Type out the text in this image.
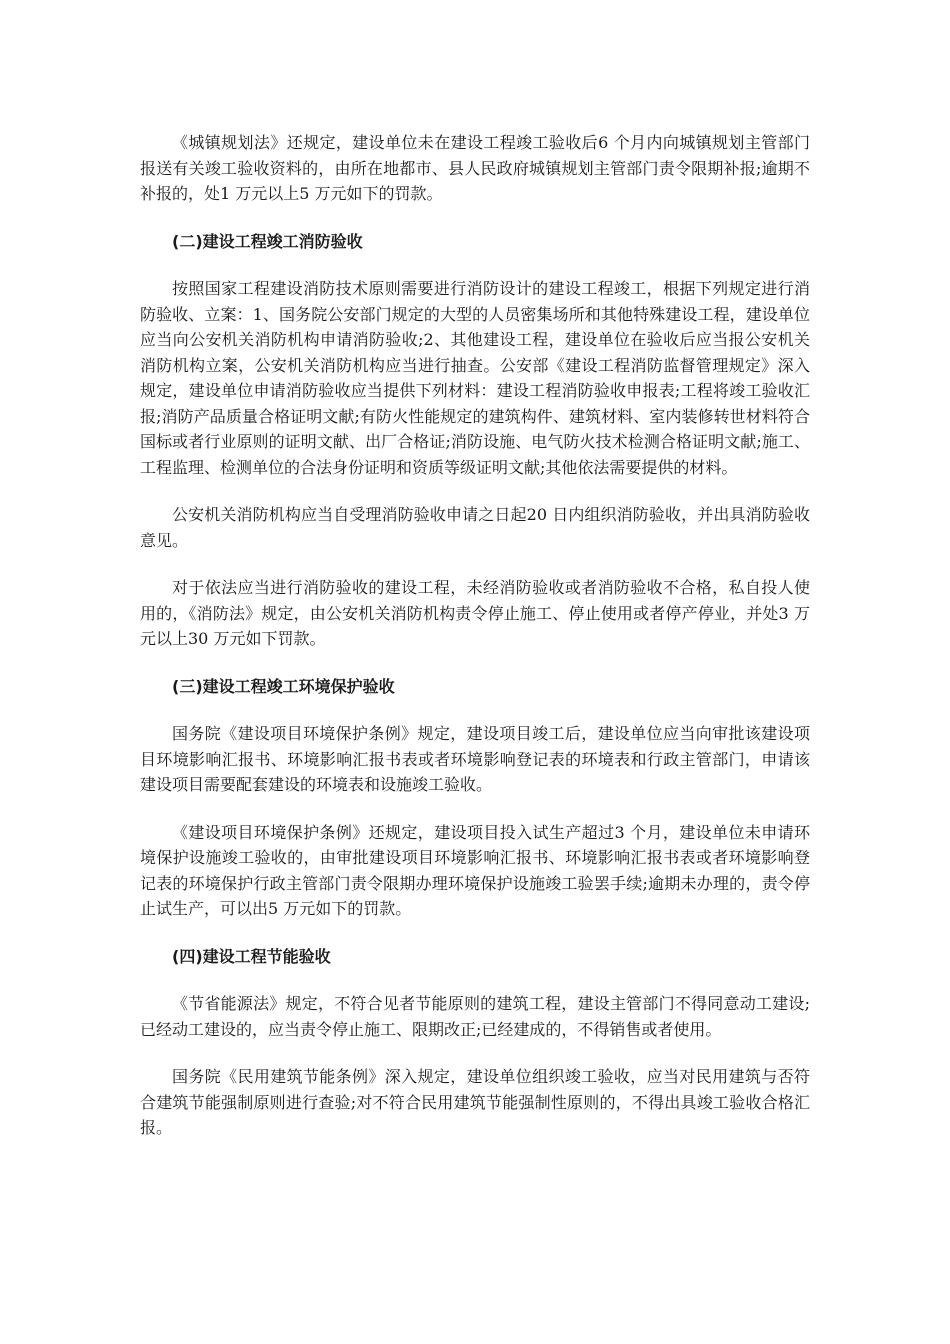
《城镇规划法》还规定，建设单位未在建设工程竣工验收后6 个月内向城镇规划主管部门报送有关竣工验收资料的，由所在地都市、县人民政府城镇规划主管部门责令限期补报;逾期不补报的，处1 万元以上5 万元如下的罚款。

(二)建设工程竣工消防验收

按照国家工程建设消防技术原则需要进行消防设计的建设工程竣工，根据下列规定进行消防验收、立案：1、国务院公安部门规定的大型的人员密集场所和其他特殊建设工程，建设单位应当向公安机关消防机构申请消防验收;2、其他建设工程，建设单位在验收后应当报公安机关消防机构立案，公安机关消防机构应当进行抽查。公安部《建设工程消防监督管理规定》深入规定，建设单位申请消防验收应当提供下列材料：建设工程消防验收申报表;工程将竣工验收汇报;消防产品质量合格证明文献;有防火性能规定的建筑构件、建筑材料、室内装修转世材料符合国标或者行业原则的证明文献、出厂合格证;消防设施、电气防火技术检测合格证明文献;施工、工程监理、检测单位的合法身份证明和资质等级证明文献;其他依法需要提供的材料。

公安机关消防机构应当自受理消防验收申请之日起20 日内组织消防验收，并出具消防验收意见。

对于依法应当进行消防验收的建设工程，未经消防验收或者消防验收不合格，私自投人使用的，《消防法》规定，由公安机关消防机构责令停止施工、停止使用或者停产停业，并处3 万元以上30 万元如下罚款。

(三)建设工程竣工环境保护验收

国务院《建设项目环境保护条例》规定，建设项目竣工后，建设单位应当向审批该建设项目环境影响汇报书、环境影响汇报书表或者环境影响登记表的环境表和行政主管部门，申请该建设项目需要配套建设的环境表和设施竣工验收。

《建设项目环境保护条例》还规定，建设项目投入试生产超过3 个月，建设单位未申请环境保护设施竣工验收的，由审批建设项目环境影响汇报书、环境影响汇报书表或者环境影响登记表的环境保护行政主管部门责令限期办理环境保护设施竣工验罢手续;逾期未办理的，责令停止试生产，可以出5 万元如下的罚款。

(四)建设工程节能验收

《节省能源法》规定，不符合见者节能原则的建筑工程，建设主管部门不得同意动工建设;已经动工建设的，应当责令停止施工、限期改正;已经建成的，不得销售或者使用。

国务院《民用建筑节能条例》深入规定，建设单位组织竣工验收，应当对民用建筑与否符合建筑节能强制原则进行查验;对不符合民用建筑节能强制性原则的，不得出具竣工验收合格汇报。
